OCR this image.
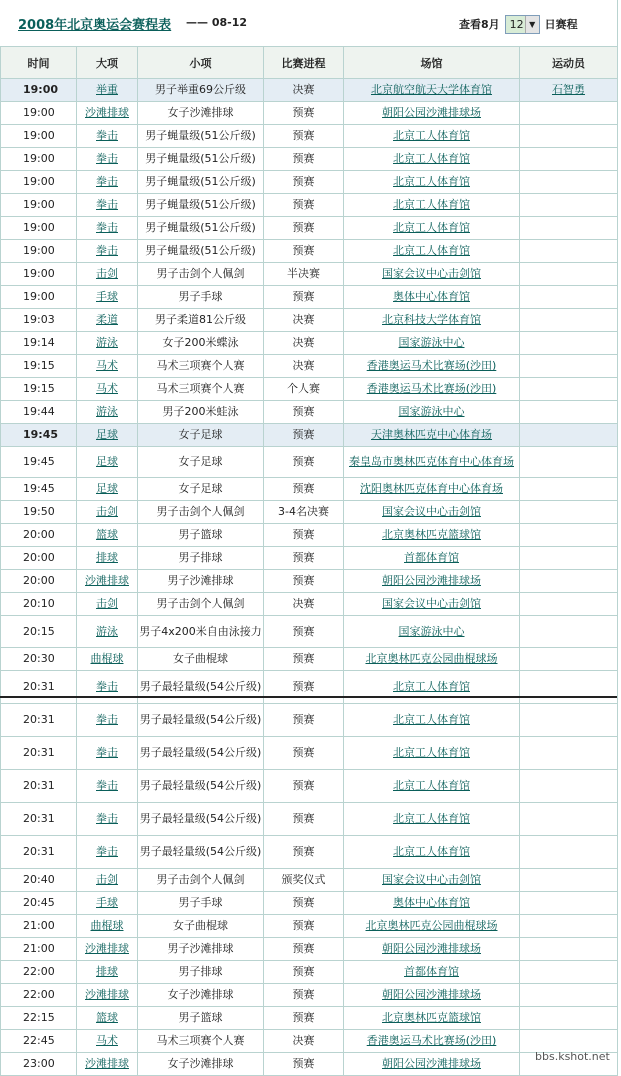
2008年北京奥运会赛程表 —— 08-12	查看8月 12 ▼ 日赛程
时间	大项	小项	比赛进程	场馆	运动员
19:00	举重	男子举重69公斤级	决赛	北京航空航天大学体育馆	石智勇
19:00	沙滩排球	女子沙滩排球	预赛	朝阳公园沙滩排球场	
19:00	拳击	男子蝇量级(51公斤级)	预赛	北京工人体育馆	
19:00	拳击	男子蝇量级(51公斤级)	预赛	北京工人体育馆	
19:00	拳击	男子蝇量级(51公斤级)	预赛	北京工人体育馆	
19:00	拳击	男子蝇量级(51公斤级)	预赛	北京工人体育馆	
19:00	拳击	男子蝇量级(51公斤级)	预赛	北京工人体育馆	
19:00	拳击	男子蝇量级(51公斤级)	预赛	北京工人体育馆	
19:00	击剑	男子击剑个人佩剑	半决赛	国家会议中心击剑馆	
19:00	手球	男子手球	预赛	奥体中心体育馆	
19:03	柔道	男子柔道81公斤级	决赛	北京科技大学体育馆	
19:14	游泳	女子200米蝶泳	决赛	国家游泳中心	
19:15	马术	马术三项赛个人赛	决赛	香港奥运马术比赛场(沙田)	
19:15	马术	马术三项赛个人赛	个人赛	香港奥运马术比赛场(沙田)	
19:44	游泳	男子200米蛙泳	预赛	国家游泳中心	
19:45	足球	女子足球	预赛	天津奥林匹克中心体育场	
19:45	足球	女子足球	预赛	秦皇岛市奥林匹克体育中心体育场	
19:45	足球	女子足球	预赛	沈阳奥林匹克体育中心体育场	
19:50	击剑	男子击剑个人佩剑	3-4名决赛	国家会议中心击剑馆	
20:00	篮球	男子篮球	预赛	北京奥林匹克篮球馆	
20:00	排球	男子排球	预赛	首都体育馆	
20:00	沙滩排球	男子沙滩排球	预赛	朝阳公园沙滩排球场	
20:10	击剑	男子击剑个人佩剑	决赛	国家会议中心击剑馆	
20:15	游泳	男子4x200米自由泳接力	预赛	国家游泳中心	
20:30	曲棍球	女子曲棍球	预赛	北京奥林匹克公园曲棍球场	
20:31	拳击	男子最轻量级(54公斤级)	预赛	北京工人体育馆	
20:31	拳击	男子最轻量级(54公斤级)	预赛	北京工人体育馆	
20:31	拳击	男子最轻量级(54公斤级)	预赛	北京工人体育馆	
20:31	拳击	男子最轻量级(54公斤级)	预赛	北京工人体育馆	
20:31	拳击	男子最轻量级(54公斤级)	预赛	北京工人体育馆	
20:31	拳击	男子最轻量级(54公斤级)	预赛	北京工人体育馆	
20:40	击剑	男子击剑个人佩剑	颁奖仪式	国家会议中心击剑馆	
20:45	手球	男子手球	预赛	奥体中心体育馆	
21:00	曲棍球	女子曲棍球	预赛	北京奥林匹克公园曲棍球场	
21:00	沙滩排球	男子沙滩排球	预赛	朝阳公园沙滩排球场	
22:00	排球	男子排球	预赛	首都体育馆	
22:00	沙滩排球	女子沙滩排球	预赛	朝阳公园沙滩排球场	
22:15	篮球	男子篮球	预赛	北京奥林匹克篮球馆	
22:45	马术	马术三项赛个人赛	决赛	香港奥运马术比赛场(沙田)	
23:00	沙滩排球	女子沙滩排球	预赛	朝阳公园沙滩排球场	
bbs.kshot.net
